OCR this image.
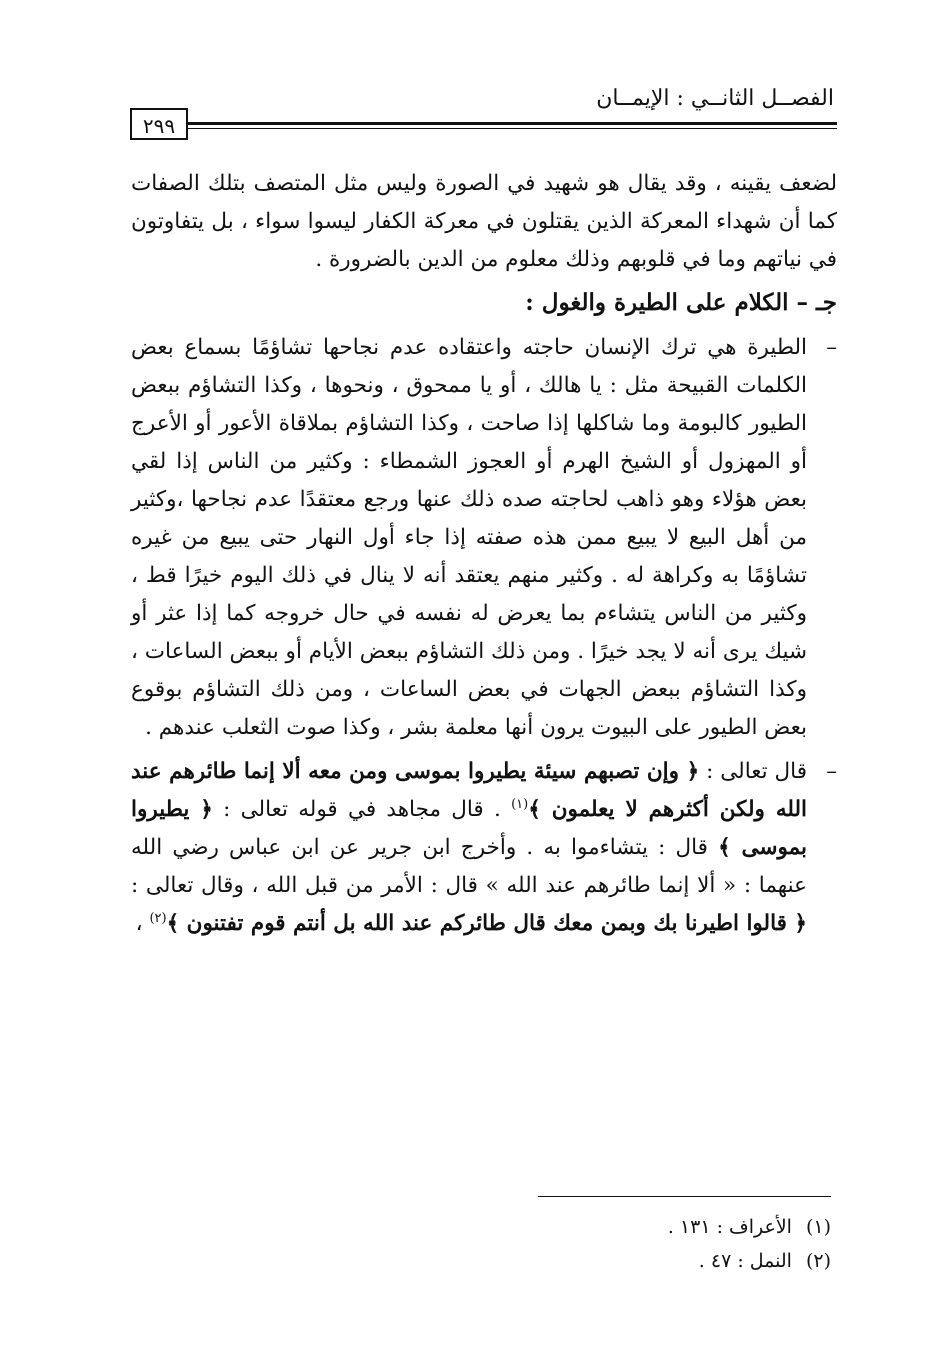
الفصــل الثانــي : الإيمــان
٢٩٩

لضعف يقينه ، وقد يقال هو شهيد في الصورة وليس مثل المتصف بتلك الصفات كما أن شهداء المعركة الذين يقتلون في معركة الكفار ليسوا سواء ، بل يتفاوتون في نياتهم وما في قلوبهم وذلك معلوم من الدين بالضرورة .

جـ – الكلام على الطيرة والغول :

–
الطيرة هي ترك الإنسان حاجته واعتقاده عدم نجاحها تشاؤمًا بسماع بعض الكلمات القبيحة مثل : يا هالك ، أو يا ممحوق ، ونحوها ، وكذا التشاؤم ببعض الطيور كالبومة وما شاكلها إذا صاحت ، وكذا التشاؤم بملاقاة الأعور أو الأعرج أو المهزول أو الشيخ الهرم أو العجوز الشمطاء : وكثير من الناس إذا لقي بعض هؤلاء وهو ذاهب لحاجته صده ذلك عنها ورجع معتقدًا عدم نجاحها ،وكثير من أهل البيع لا يبيع ممن هذه صفته إذا جاء أول النهار حتى يبيع من غيره تشاؤمًا به وكراهة له . وكثير منهم يعتقد أنه لا ينال في ذلك اليوم خيرًا قط ، وكثير من الناس يتشاءم بما يعرض له نفسه في حال خروجه كما إذا عثر أو شيك يرى أنه لا يجد خيرًا . ومن ذلك التشاؤم ببعض الأيام أو ببعض الساعات ، وكذا التشاؤم ببعض الجهات في بعض الساعات ، ومن ذلك التشاؤم بوقوع بعض الطيور على البيوت يرون أنها معلمة بشر ، وكذا صوت الثعلب عندهم .
–
قال تعالى : ﴿ وإن تصبهم سيئة يطيروا بموسى ومن معه ألا إنما طائرهم عند الله ولكن أكثرهم لا يعلمون ﴾$^{(١)}$ . قال مجاهد في قوله تعالى : ﴿ يطيروا بموسى ﴾ قال : يتشاءموا به . وأخرج ابن جرير عن ابن عباس رضي الله عنهما : « ألا إنما طائرهم عند الله » قال : الأمر من قبل الله ، وقال تعالى : ﴿ قالوا اطيرنا بك وبمن معك قال طائركم عند الله بل أنتم قوم تفتنون ﴾$^{(٢)}$ ،

(١)الأعراف : ١٣١ .

(٢)النمل : ٤٧ .
